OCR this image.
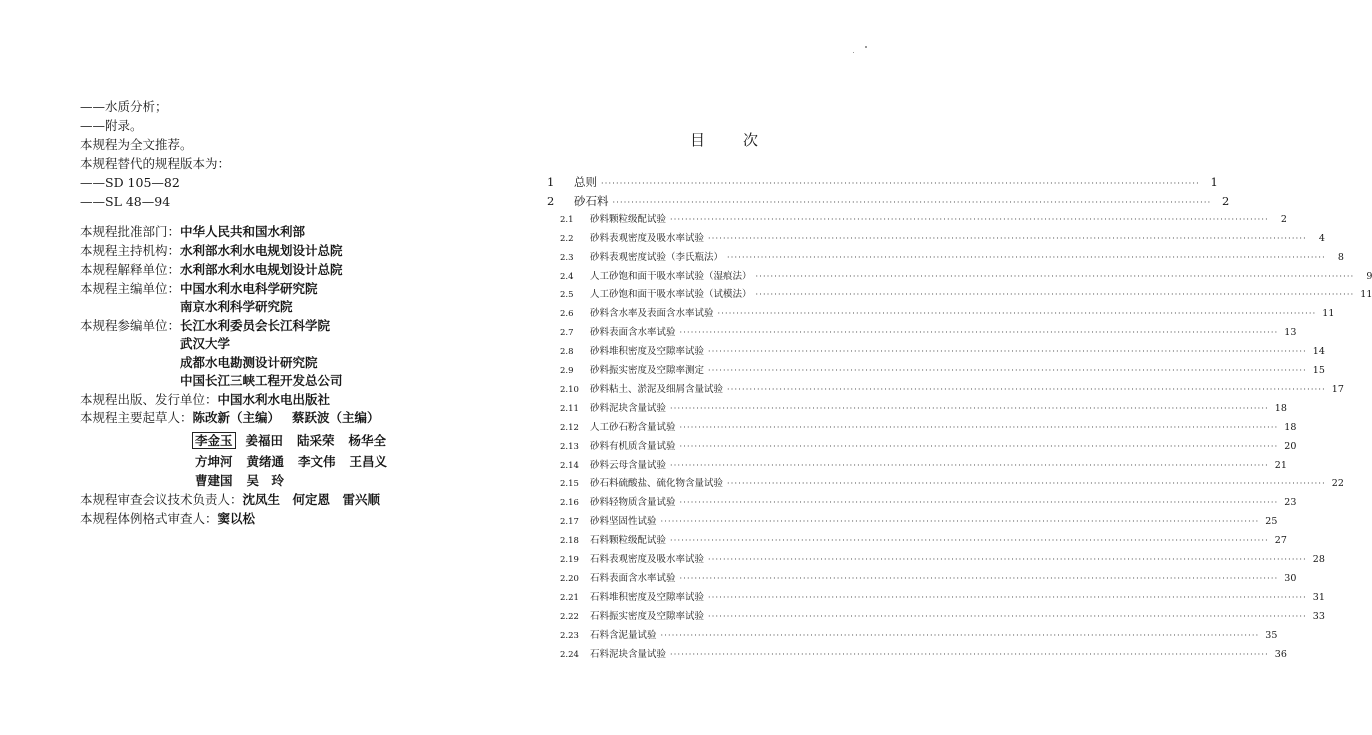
——水质分析；
——附录。
本规程为全文推荐。
本规程替代的规程版本为：
——SD 105—82
——SL 48—94
本规程批准部门：中华人民共和国水利部
本规程主持机构：水利部水利水电规划设计总院
本规程解释单位：水利部水利水电规划设计总院
本规程主编单位：中国水利水电科学研究院
南京水利科学研究院
本规程参编单位：长江水利委员会长江科学院
武汉大学
成都水电勘测设计研究院
中国长江三峡工程开发总公司
本规程出版、发行单位：中国水利水电出版社
本规程主要起草人：陈改新（主编） 蔡跃波（主编）
李金玉 姜福田 陆采荣 杨华全
方坤河 黄绪通 李文伟 王昌义
曹建国 吴　玲
本规程审查会议技术负责人：沈凤生　何定恩　雷兴顺
本规程体例格式审查人：窦以松
目次
1	总则 ································································································································································ 1
2	砂石料 ································································································································································ 2
2.1	砂料颗粒级配试验 ································································································································································	2
2.2	砂料表观密度及吸水率试验 ································································································································································	4
2.3	砂料表观密度试验（李氏瓶法） ································································································································································	8
2.4	人工砂饱和面干吸水率试验（湿痕法） ································································································································································	9
2.5	人工砂饱和面干吸水率试验（试模法） ································································································································································ 11
2.6	砂料含水率及表面含水率试验 ································································································································································ 11
2.7	砂料表面含水率试验 ································································································································································ 13
2.8	砂料堆积密度及空隙率试验 ································································································································································ 14
2.9	砂料振实密度及空隙率测定 ································································································································································ 15
2.10	砂料粘土、淤泥及细屑含量试验 ································································································································································ 17
2.11	砂料泥块含量试验 ································································································································································ 18
2.12	人工砂石粉含量试验 ································································································································································ 18
2.13	砂料有机质含量试验 ································································································································································ 20
2.14	砂料云母含量试验 ································································································································································ 21
2.15	砂石料硫酸盐、硫化物含量试验 ································································································································································ 22
2.16	砂料轻物质含量试验 ································································································································································ 23
2.17	砂料坚固性试验 ································································································································································ 25
2.18	石料颗粒级配试验 ································································································································································ 27
2.19	石料表观密度及吸水率试验 ································································································································································ 28
2.20	石料表面含水率试验 ································································································································································ 30
2.21	石料堆积密度及空隙率试验 ································································································································································ 31
2.22	石料振实密度及空隙率试验 ································································································································································ 33
2.23	石料含泥量试验 ································································································································································ 35
2.24	石料泥块含量试验 ································································································································································ 36
